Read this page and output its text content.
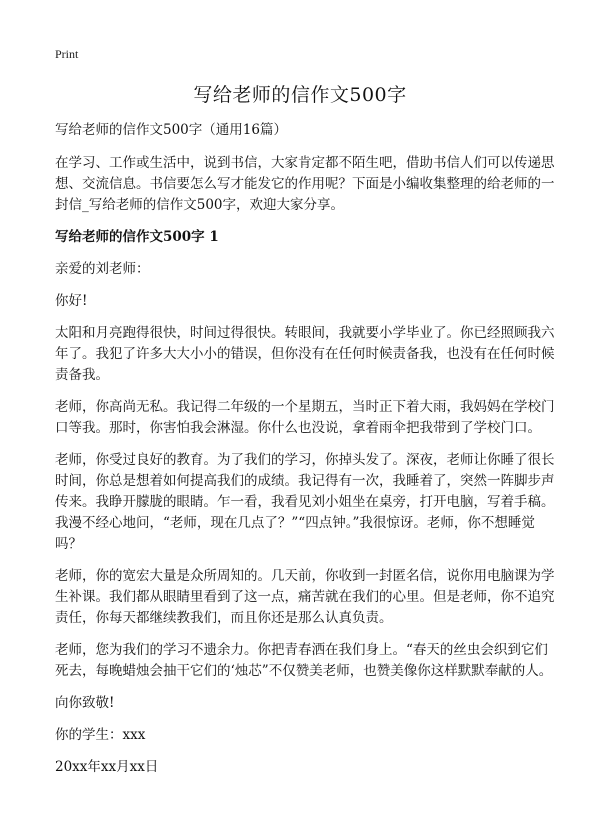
Print
写给老师的信作文500字

写给老师的信作文500字（通用16篇）

在学习、工作或生活中，说到书信，大家肯定都不陌生吧，借助书信人们可以传递思想、交流信息。书信要怎么写才能发它的作用呢？下面是小编收集整理的给老师的一封信_写给老师的信作文500字，欢迎大家分享。

写给老师的信作文500字 1

亲爱的刘老师：

你好!

太阳和月亮跑得很快，时间过得很快。转眼间，我就要小学毕业了。你已经照顾我六年了。我犯了许多大大小小的错误，但你没有在任何时候责备我，也没有在任何时候责备我。

老师，你高尚无私。我记得二年级的一个星期五，当时正下着大雨，我妈妈在学校门口等我。那时，你害怕我会淋湿。你什么也没说，拿着雨伞把我带到了学校门口。

老师，你受过良好的教育。为了我们的学习，你掉头发了。深夜，老师让你睡了很长时间，你总是想着如何提高我们的成绩。我记得有一次，我睡着了，突然一阵脚步声传来。我睁开朦胧的眼睛。乍一看，我看见刘小姐坐在桌旁，打开电脑，写着手稿。我漫不经心地问，“老师，现在几点了？”“四点钟。”我很惊讶。老师，你不想睡觉吗？

老师，你的宽宏大量是众所周知的。几天前，你收到一封匿名信，说你用电脑课为学生补课。我们都从眼睛里看到了这一点，痛苦就在我们的心里。但是老师，你不追究责任，你每天都继续教我们，而且你还是那么认真负责。

老师，您为我们的学习不遗余力。你把青春洒在我们身上。“春天的丝虫会织到它们死去，每晚蜡烛会抽干它们的‘烛芯”不仅赞美老师，也赞美像你这样默默奉献的人。

向你致敬!

你的学生：xxx

20xx年xx月xx日
